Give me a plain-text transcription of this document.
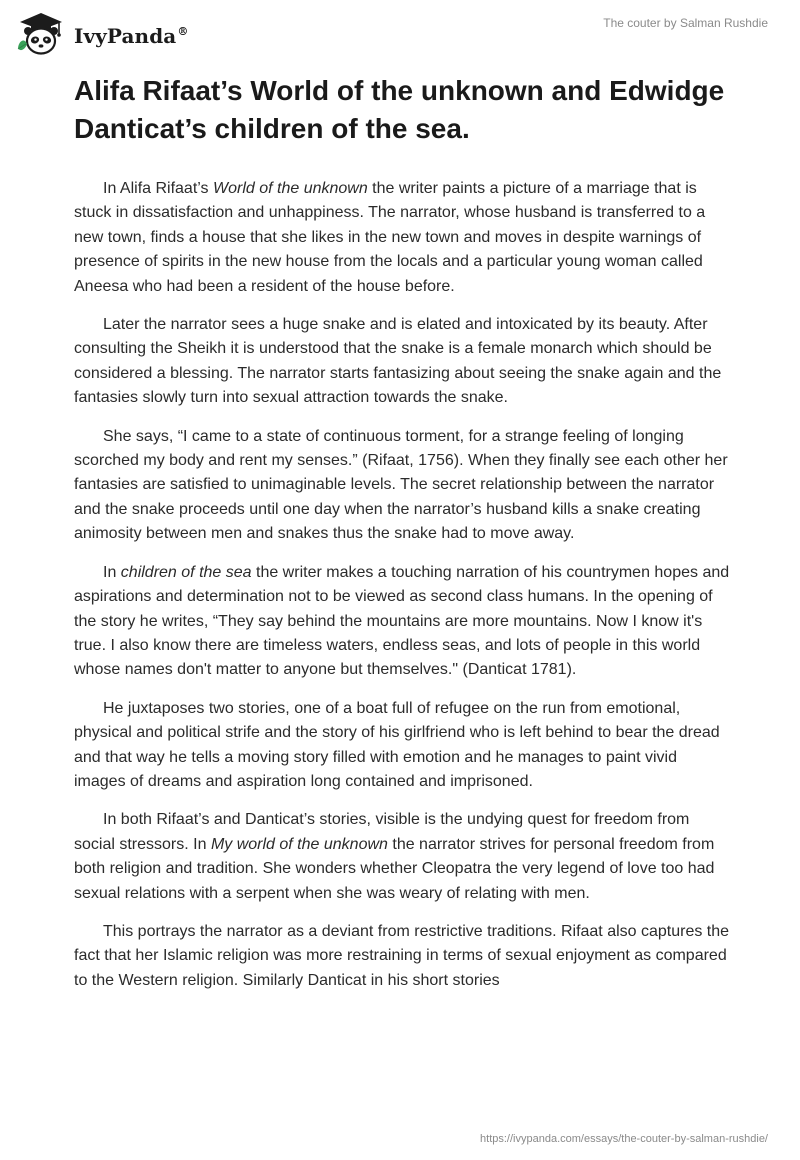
IvyPanda®
The couter by Salman Rushdie
Alifa Rifaat’s World of the unknown and Edwidge Danticat’s children of the sea.

In Alifa Rifaat’s World of the unknown the writer paints a picture of a marriage that is stuck in dissatisfaction and unhappiness. The narrator, whose husband is transferred to a new town, finds a house that she likes in the new town and moves in despite warnings of presence of spirits in the new house from the locals and a particular young woman called Aneesa who had been a resident of the house before.

Later the narrator sees a huge snake and is elated and intoxicated by its beauty. After consulting the Sheikh it is understood that the snake is a female monarch which should be considered a blessing. The narrator starts fantasizing about seeing the snake again and the fantasies slowly turn into sexual attraction towards the snake.

She says, “I came to a state of continuous torment, for a strange feeling of longing scorched my body and rent my senses.” (Rifaat, 1756). When they finally see each other her fantasies are satisfied to unimaginable levels. The secret relationship between the narrator and the snake proceeds until one day when the narrator’s husband kills a snake creating animosity between men and snakes thus the snake had to move away.

In children of the sea the writer makes a touching narration of his countrymen hopes and aspirations and determination not to be viewed as second class humans. In the opening of the story he writes, “They say behind the mountains are more mountains. Now I know it's true. I also know there are timeless waters, endless seas, and lots of people in this world whose names don't matter to anyone but themselves." (Danticat 1781).

He juxtaposes two stories, one of a boat full of refugee on the run from emotional, physical and political strife and the story of his girlfriend who is left behind to bear the dread and that way he tells a moving story filled with emotion and he manages to paint vivid images of dreams and aspiration long contained and imprisoned.

In both Rifaat’s and Danticat’s stories, visible is the undying quest for freedom from social stressors. In My world of the unknown the narrator strives for personal freedom from both religion and tradition. She wonders whether Cleopatra the very legend of love too had sexual relations with a serpent when she was weary of relating with men.

This portrays the narrator as a deviant from restrictive traditions. Rifaat also captures the fact that her Islamic religion was more restraining in terms of sexual enjoyment as compared to the Western religion. Similarly Danticat in his short stories

https://ivypanda.com/essays/the-couter-by-salman-rushdie/
